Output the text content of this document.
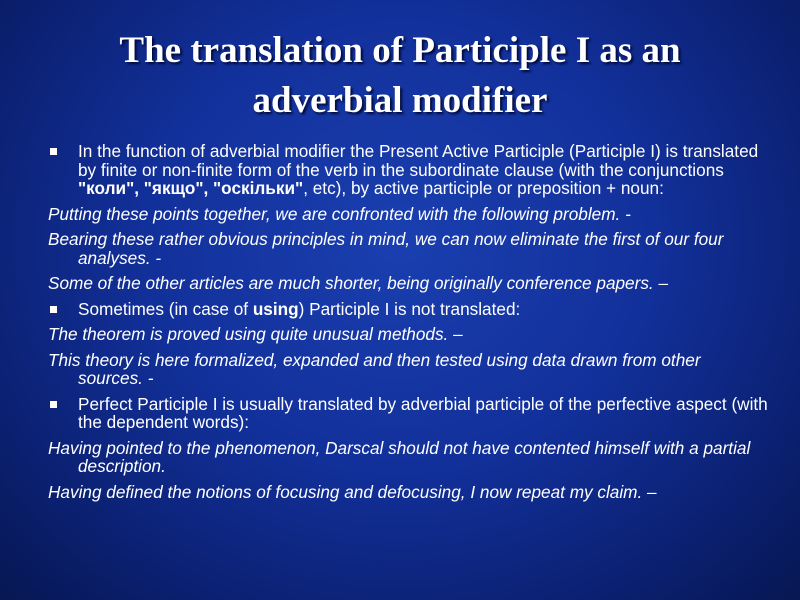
The translation of Participle I as an adverbial modifier

In the function of adverbial modifier the Present Active Participle (Participle I) is translated by finite or non-finite form of the verb in the subordinate clause (with the conjunctions "коли", "якщо", "оскільки", etc), by active participle or preposition + noun:

Putting these points together, we are confronted with the following problem. -

Bearing these rather obvious principles in mind, we can now eliminate the first of our four analyses. -

Some of the other articles are much shorter, being originally conference papers. –

Sometimes (in case of using) Participle I is not translated:

The theorem is proved using quite unusual methods. –

This theory is here formalized, expanded and then tested using data drawn from other sources. -

Perfect Participle I is usually translated by adverbial participle of the perfective aspect (with the dependent words):

Having pointed to the phenomenon, Darscal should not have contented himself with a partial description.

Having defined the notions of focusing and defocusing, I now repeat my claim. –
